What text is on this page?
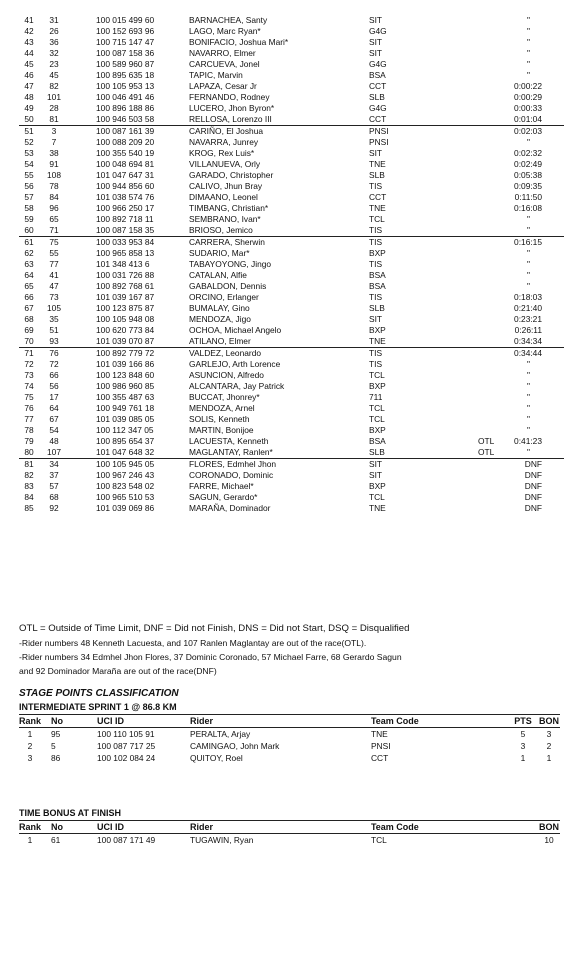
41	31	100 015 499 60	BARNACHEA, Santy	SIT	"
42	26	100 152 693 96	LAGO, Marc Ryan*	G4G	"
43	36	100 715 147 47	BONIFACIO, Joshua Mari*	SIT	"
44	32	100 087 158 36	NAVARRO, Elmer	SIT	"
45	23	100 589 960 87	CARCUEVA, Jonel	G4G	"
46	45	100 895 635 18	TAPIC, Marvin	BSA	"
47	82	100 105 953 13	LAPAZA, Cesar Jr	CCT	0:00:22
48	101	100 046 491 46	FERNANDO, Rodney	SLB	0:00:29
49	28	100 896 188 86	LUCERO, Jhon Byron*	G4G	0:00:33
50	81	100 946 503 58	RELLOSA, Lorenzo III	CCT	0:01:04
51	3	100 087 161 39	CARIÑO, El Joshua	PNSI	0:02:03
52	7	100 088 209 20	NAVARRA, Junrey	PNSI	"
53	38	100 355 540 19	KROG, Rex Luis*	SIT	0:02:32
54	91	100 048 694 81	VILLANUEVA, Orly	TNE	0:02:49
55	108	101 047 647 31	GARADO, Christopher	SLB	0:05:38
56	78	100 944 856 60	CALIVO, Jhun Bray	TIS	0:09:35
57	84	101 038 574 76	DIMAANO, Leonel	CCT	0:11:50
58	96	100 966 250 17	TIMBANG, Christian*	TNE	0:16:08
59	65	100 892 718 11	SEMBRANO, Ivan*	TCL	"
60	71	100 087 158 35	BRIOSO, Jemico	TIS	"
61	75	100 033 953 84	CARRERA, Sherwin	TIS	0:16:15
62	55	100 965 858 13	SUDARIO, Mar*	BXP	"
63	77	101 348 413 6	TABAYOYONG, Jingo	TIS	"
64	41	100 031 726 88	CATALAN, Alfie	BSA	"
65	47	100 892 768 61	GABALDON, Dennis	BSA	"
66	73	101 039 167 87	ORCINO, Erlanger	TIS	0:18:03
67	105	100 123 875 87	BUMALAY, Gino	SLB	0:21:40
68	35	100 105 948 08	MENDOZA, Jigo	SIT	0:23:21
69	51	100 620 773 84	OCHOA, Michael Angelo	BXP	0:26:11
70	93	101 039 070 87	ATILANO, Elmer	TNE	0:34:34
71	76	100 892 779 72	VALDEZ, Leonardo	TIS	0:34:44
72	72	101 039 166 86	GARLEJO, Arth Lorence	TIS	"
73	66	100 123 848 60	ASUNCION, Alfredo	TCL	"
74	56	100 986 960 85	ALCANTARA, Jay Patrick	BXP	"
75	17	100 355 487 63	BUCCAT, Jhonrey*	711	"
76	64	100 949 761 18	MENDOZA, Arnel	TCL	"
77	67	101 039 085 05	SOLIS, Kenneth	TCL	"
78	54	100 112 347 05	MARTIN, Bonijoe	BXP	"
79	48	100 895 654 37	LACUESTA, Kenneth	BSA	OTL 0:41:23
80	107	101 047 648 32	MAGLANTAY, Ranlen*	SLB	OTL	"
81	34	100 105 945 05	FLORES, Edmhel Jhon	SIT	DNF
82	37	100 967 246 43	CORONADO, Dominic	SIT	DNF
83	57	100 823 548 02	FARRE, Michael*	BXP	DNF
84	68	100 965 510 53	SAGUN, Gerardo*	TCL	DNF
85	92	101 039 069 86	MARAÑA, Dominador	TNE	DNF
OTL = Outside of Time Limit, DNF = Did not Finish, DNS = Did not Start, DSQ = Disqualified
-Rider numbers 48 Kenneth Lacuesta, and 107 Ranlen Maglantay are out of the race(OTL).
-Rider numbers 34 Edmhel Jhon Flores, 37 Dominic Coronado, 57 Michael Farre, 68 Gerardo Sagun
and 92 Dominador Maraña are out of the race(DNF)
STAGE POINTS CLASSIFICATION
INTERMEDIATE SPRINT 1 @ 86.8 KM
Rank	No	UCI ID	Rider	Team Code	PTS	BON
1	95	100 110 105 91	PERALTA, Arjay	TNE	5	3
2	5	100 087 717 25	CAMINGAO, John Mark	PNSI	3	2
3	86	100 102 084 24	QUITOY, Roel	CCT	1	1
TIME BONUS AT FINISH
Rank	No	UCI ID	Rider	Team Code	BON
1	61	100 087 171 49	TUGAWIN, Ryan	TCL	10
